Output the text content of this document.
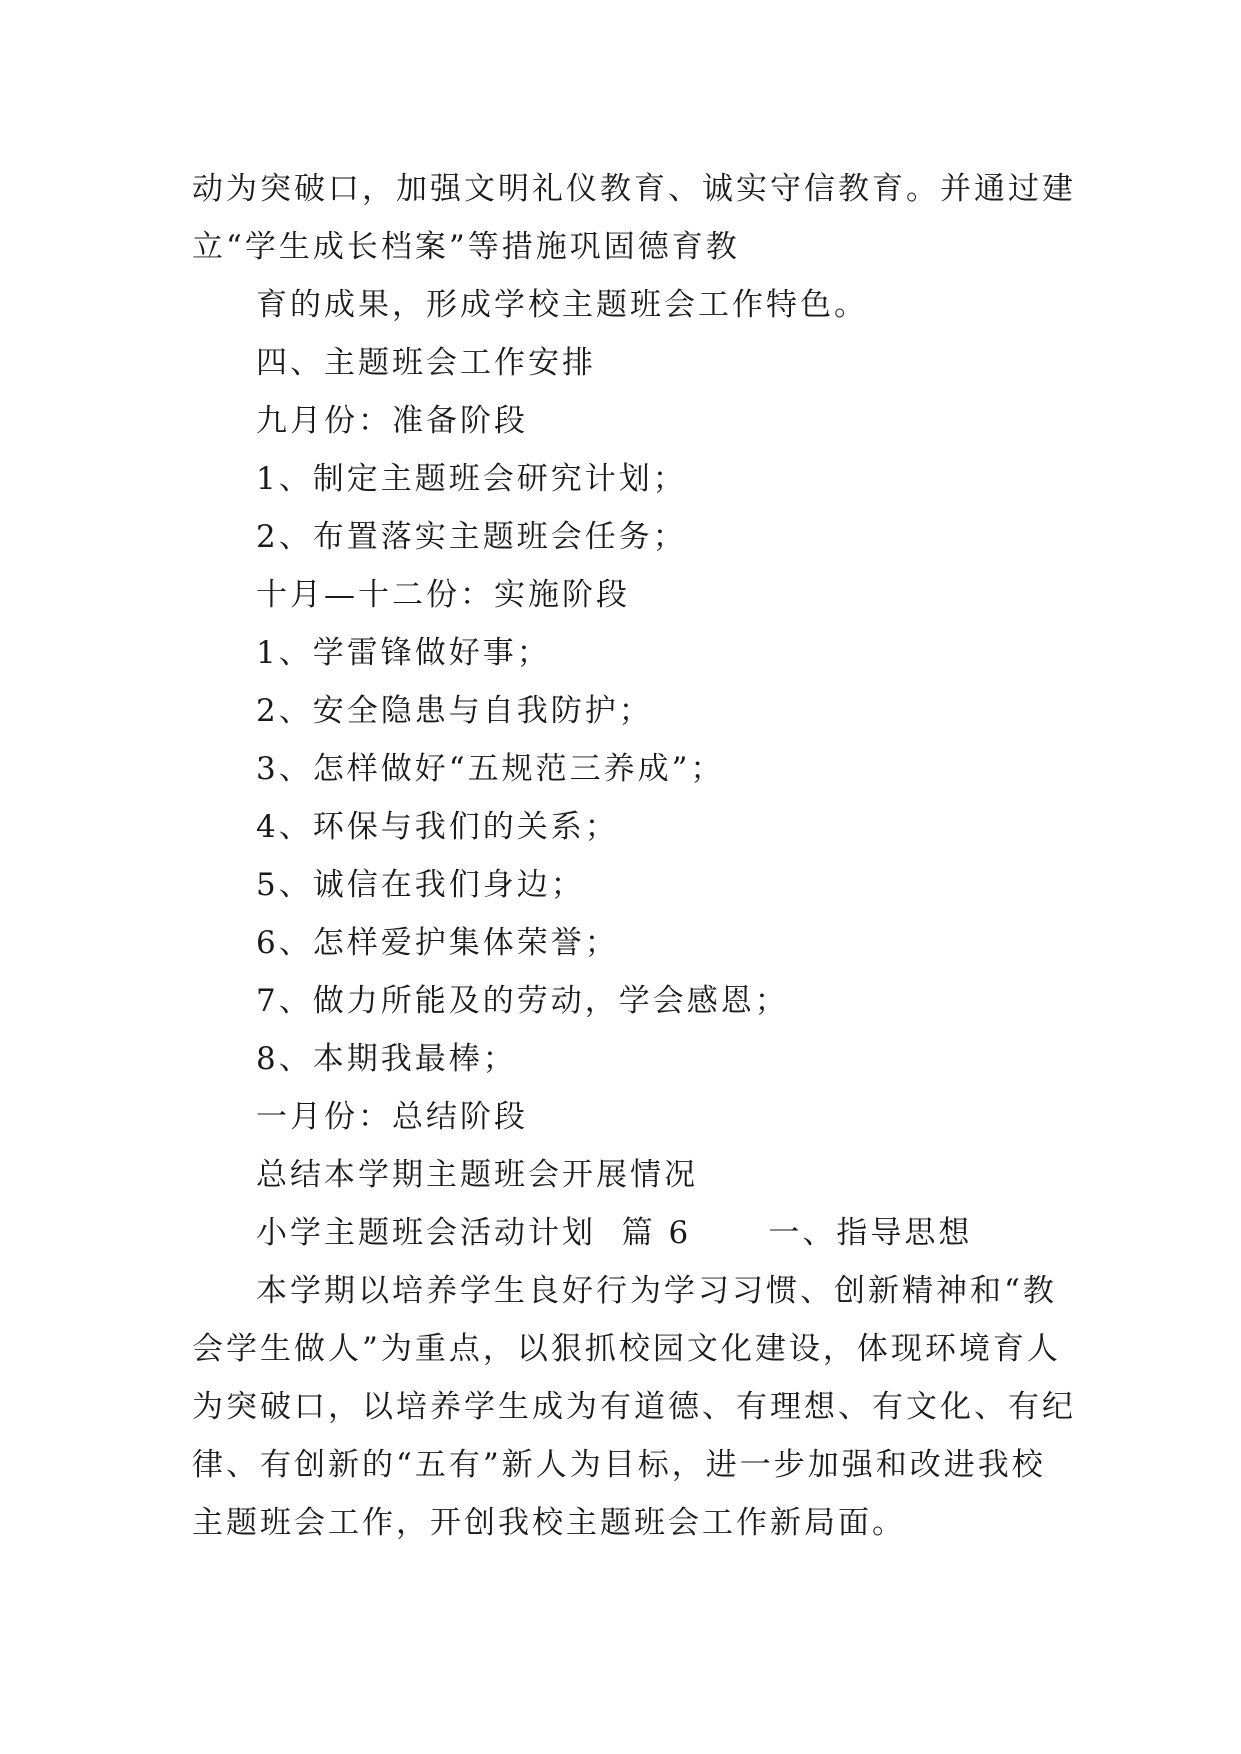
动为突破口，加强文明礼仪教育、诚实守信教育。并通过建
立“学生成长档案”等措施巩固德育教
育的成果，形成学校主题班会工作特色。
四、主题班会工作安排
九月份：准备阶段
1、制定主题班会研究计划；
2、布置落实主题班会任务；
十月—十二份：实施阶段
1、学雷锋做好事；
2、安全隐患与自我防护；
3、怎样做好“五规范三养成”；
4、环保与我们的关系；
5、诚信在我们身边；
6、怎样爱护集体荣誉；
7、做力所能及的劳动，学会感恩；
8、本期我最棒；
一月份：总结阶段
总结本学期主题班会开展情况
小学主题班会活动计划  篇 6      一、指导思想
本学期以培养学生良好行为学习习惯、创新精神和“教
会学生做人”为重点，以狠抓校园文化建设，体现环境育人
为突破口，以培养学生成为有道德、有理想、有文化、有纪
律、有创新的“五有”新人为目标，进一步加强和改进我校
主题班会工作，开创我校主题班会工作新局面。
